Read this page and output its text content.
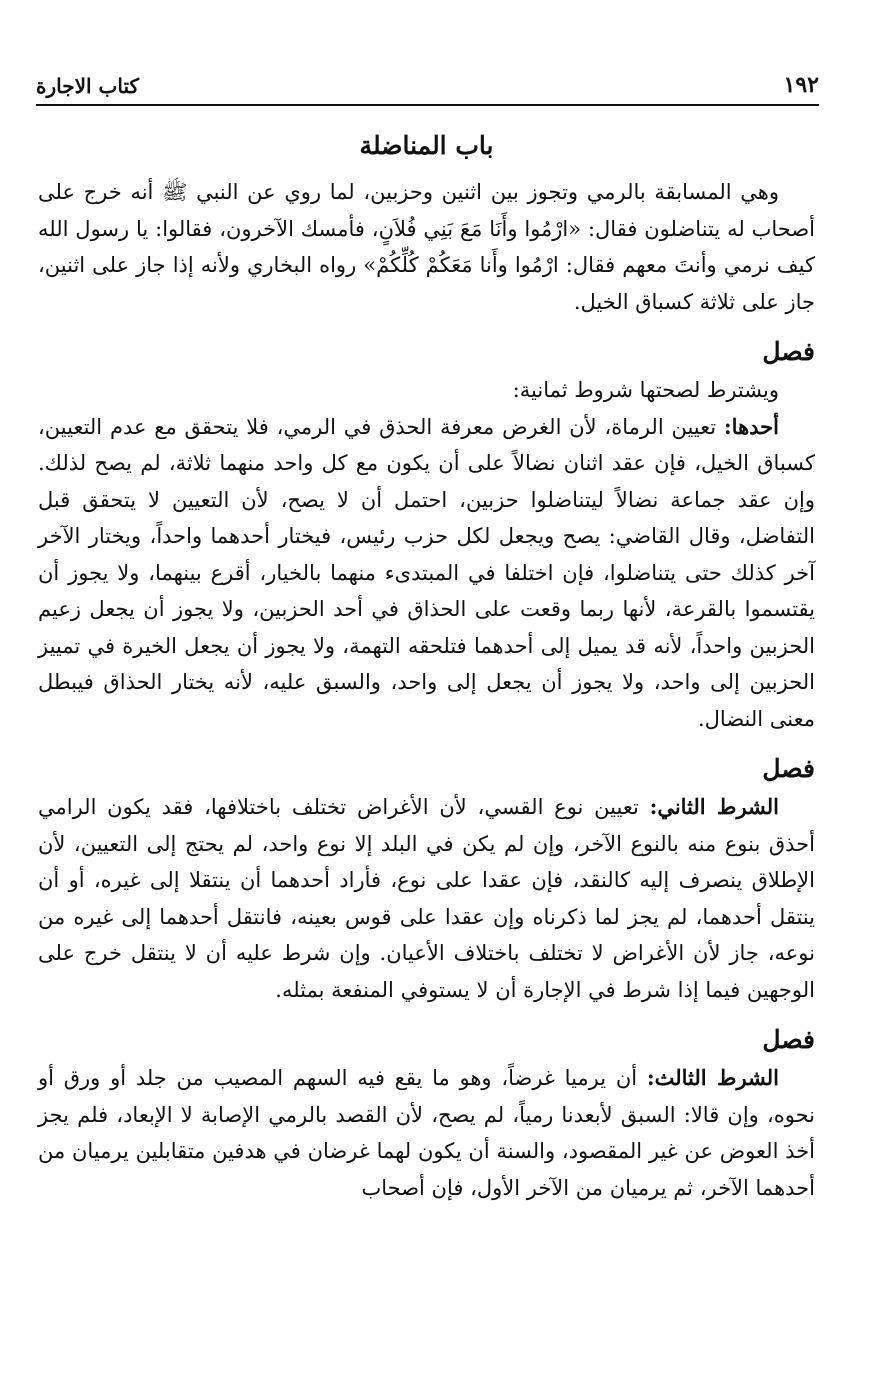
١٩٢
كتاب الاجارة
باب المناضلة

وهي المسابقة بالرمي وتجوز بين اثنين وحزبين، لما روي عن النبي ﷺ أنه خرج على أصحاب له يتناضلون فقال: «ارْمُوا وأَنَا مَعَ بَنِي فُلاَنٍ، فأمسك الآخرون، فقالوا: يا رسول الله كيف نرمي وأنتَ معهم فقال: ارْمُوا وأَنا مَعَكُمْ كُلِّكُمْ» رواه البخاري ولأنه إذا جاز على اثنين، جاز على ثلاثة كسباق الخيل.

فصل

ويشترط لصحتها شروط ثمانية:

أحدها: تعيين الرماة، لأن الغرض معرفة الحذق في الرمي، فلا يتحقق مع عدم التعيين، كسباق الخيل، فإن عقد اثنان نضالاً على أن يكون مع كل واحد منهما ثلاثة، لم يصح لذلك. وإن عقد جماعة نضالاً ليتناضلوا حزبين، احتمل أن لا يصح، لأن التعيين لا يتحقق قبل التفاضل، وقال القاضي: يصح ويجعل لكل حزب رئيس، فيختار أحدهما واحداً، ويختار الآخر آخر كذلك حتى يتناضلوا، فإن اختلفا في المبتدىء منهما بالخيار، أقرع بينهما، ولا يجوز أن يقتسموا بالقرعة، لأنها ربما وقعت على الحذاق في أحد الحزبين، ولا يجوز أن يجعل زعيم الحزبين واحداً، لأنه قد يميل إلى أحدهما فتلحقه التهمة، ولا يجوز أن يجعل الخيرة في تمييز الحزبين إلى واحد، ولا يجوز أن يجعل إلى واحد، والسبق عليه، لأنه يختار الحذاق فيبطل معنى النضال.

فصل

الشرط الثاني: تعيين نوع القسي، لأن الأغراض تختلف باختلافها، فقد يكون الرامي أحذق بنوع منه بالنوع الآخر، وإن لم يكن في البلد إلا نوع واحد، لم يحتج إلى التعيين، لأن الإطلاق ينصرف إليه كالنقد، فإن عقدا على نوع، فأراد أحدهما أن ينتقلا إلى غيره، أو أن ينتقل أحدهما، لم يجز لما ذكرناه وإن عقدا على قوس بعينه، فانتقل أحدهما إلى غيره من نوعه، جاز لأن الأغراض لا تختلف باختلاف الأعيان. وإن شرط عليه أن لا ينتقل خرج على الوجهين فيما إذا شرط في الإجارة أن لا يستوفي المنفعة بمثله.

فصل

الشرط الثالث: أن يرميا غرضاً، وهو ما يقع فيه السهم المصيب من جلد أو ورق أو نحوه، وإن قالا: السبق لأبعدنا رمياً، لم يصح، لأن القصد بالرمي الإصابة لا الإبعاد، فلم يجز أخذ العوض عن غير المقصود، والسنة أن يكون لهما غرضان في هدفين متقابلين يرميان من أحدهما الآخر، ثم يرميان من الآخر الأول، فإن أصحاب
